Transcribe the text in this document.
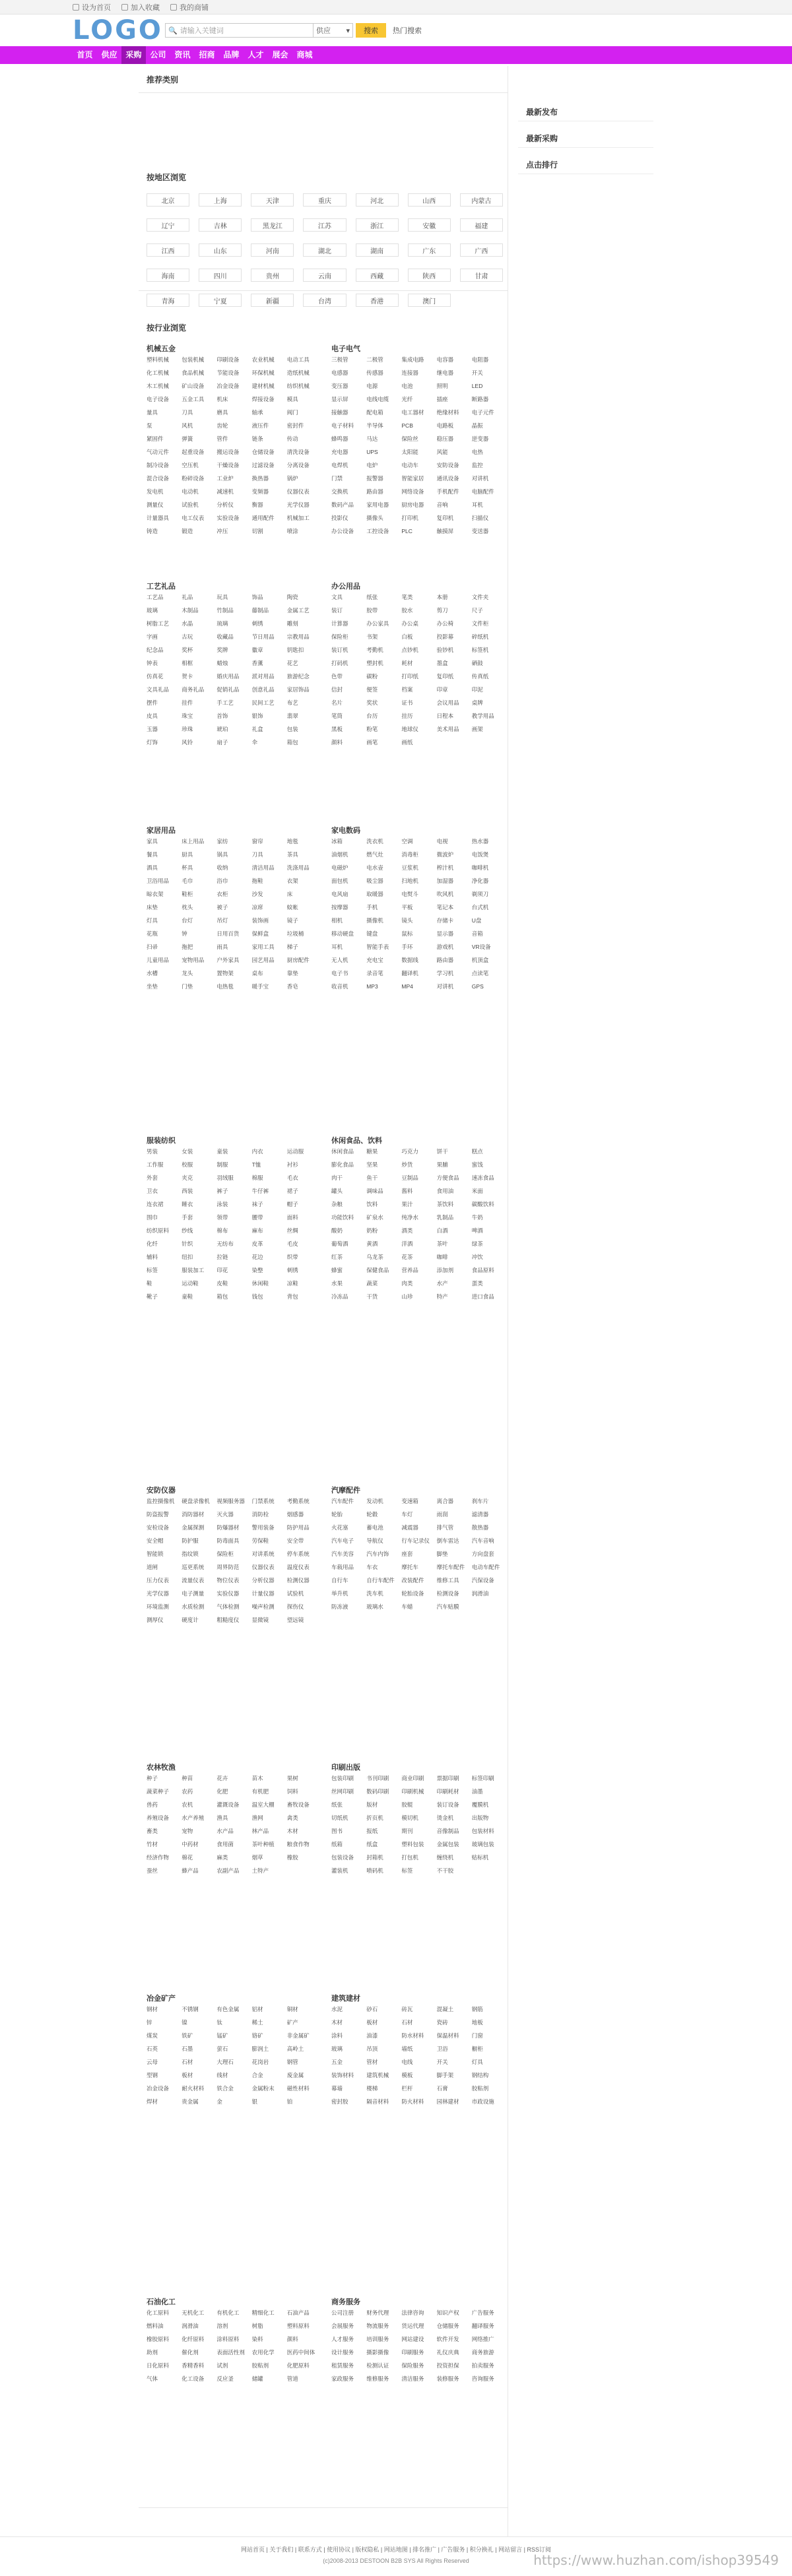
设为首页	加入收藏	我的商铺
LOGO 🔍 请输入关键词	供应 ▾	搜索	热门搜索
首页	供应	采购	公司	资讯	招商	品牌	人才	展会	商城
推荐类别
按地区浏览
北京	上海	天津	重庆	河北	山西	内蒙古
辽宁	吉林	黑龙江	江苏	浙江	安徽	福建
江西	山东	河南	湖北	湖南	广东	广西
海南	四川	贵州	云南	西藏	陕西	甘肃
青海	宁夏	新疆	台湾	香港	澳门
按行业浏览
机械五金
塑料机械	包装机械	印刷设备	农业机械	电动工具
化工机械	食品机械	节能设备	环保机械	造纸机械
木工机械	矿山设备	冶金设备	建材机械	纺织机械
电子设备	五金工具	机床	焊接设备	模具
量具	刀具	磨具	轴承	阀门
泵	风机	齿轮	液压件	密封件
紧固件	弹簧	管件	链条	传动
气动元件	起重设备	搬运设备	仓储设备	清洗设备
制冷设备	空压机	干燥设备	过滤设备	分离设备
混合设备	粉碎设备	工业炉	换热器	锅炉
发电机	电动机	减速机	变频器	仪器仪表
测量仪	试验机	分析仪	衡器	光学仪器
计量器具	电工仪表	实验设备	通用配件	机械加工
铸造	锻造	冲压	切割	喷涂
电子电气
三极管	二极管	集成电路	电容器	电阻器
电感器	传感器	连接器	继电器	开关
变压器	电源	电池	照明	LED
显示屏	电线电缆	光纤	插座	断路器
接触器	配电箱	电工器材	绝缘材料	电子元件
电子材料	半导体	PCB	电路板	晶振
蜂鸣器	马达	保险丝	稳压器	逆变器
充电器	UPS	太阳能	风能	电热
电焊机	电炉	电动车	安防设备	监控
门禁	报警器	智能家居	通讯设备	对讲机
交换机	路由器	网络设备	手机配件	电脑配件
数码产品	家用电器	厨房电器	音响	耳机
投影仪	摄像头	打印机	复印机	扫描仪
办公设备	工控设备	PLC	触摸屏	变送器
工艺礼品
工艺品	礼品	玩具	饰品	陶瓷
玻璃	木制品	竹制品	藤制品	金属工艺
树脂工艺	水晶	琉璃	刺绣	雕刻
字画	古玩	收藏品	节日用品	宗教用品
纪念品	奖杯	奖牌	徽章	钥匙扣
钟表	相框	蜡烛	香薰	花艺
仿真花	贺卡	婚庆用品	派对用品	旅游纪念
文具礼品	商务礼品	促销礼品	创意礼品	家居饰品
摆件	挂件	手工艺	民间工艺	布艺
皮具	珠宝	首饰	银饰	翡翠
玉器	珍珠	琥珀	礼盒	包装
灯饰	风铃	扇子	伞	箱包
办公用品
文具	纸张	笔类	本册	文件夹
装订	胶带	胶水	剪刀	尺子
计算器	办公家具	办公桌	办公椅	文件柜
保险柜	书架	白板	投影幕	碎纸机
装订机	考勤机	点钞机	验钞机	标签机
打码机	塑封机	耗材	墨盒	硒鼓
色带	碳粉	打印纸	复印纸	传真纸
信封	便签	档案	印章	印泥
名片	奖状	证书	会议用品	桌牌
笔筒	台历	挂历	日程本	教学用品
黑板	粉笔	地球仪	美术用品	画架
颜料	画笔	画纸
家居用品
家具	床上用品	家纺	窗帘	地毯
餐具	厨具	锅具	刀具	茶具
酒具	杯具	收纳	清洁用品	洗涤用品
卫浴用品	毛巾	浴巾	拖鞋	衣架
晾衣架	鞋柜	衣柜	沙发	床
床垫	枕头	被子	凉席	蚊帐
灯具	台灯	吊灯	装饰画	镜子
花瓶	钟	日用百货	保鲜盒	垃圾桶
扫帚	拖把	雨具	家用工具	梯子
儿童用品	宠物用品	户外家具	园艺用品	厨房配件
水槽	龙头	置物架	桌布	靠垫
坐垫	门垫	电热毯	暖手宝	香皂
家电数码
冰箱	洗衣机	空调	电视	热水器
油烟机	燃气灶	消毒柜	微波炉	电饭煲
电磁炉	电水壶	豆浆机	榨汁机	咖啡机
面包机	吸尘器	扫地机	加湿器	净化器
电风扇	取暖器	电熨斗	吹风机	剃须刀
按摩器	手机	平板	笔记本	台式机
相机	摄像机	镜头	存储卡	U盘
移动硬盘	键盘	鼠标	显示器	音箱
耳机	智能手表	手环	游戏机	VR设备
无人机	充电宝	数据线	路由器	机顶盒
电子书	录音笔	翻译机	学习机	点读笔
收音机	MP3	MP4	对讲机	GPS
服装纺织
男装	女装	童装	内衣	运动服
工作服	校服	制服	T恤	衬衫
外套	夹克	羽绒服	棉服	毛衣
卫衣	西装	裤子	牛仔裤	裙子
连衣裙	睡衣	泳装	袜子	帽子
围巾	手套	领带	腰带	面料
纺织原料	纱线	棉布	麻布	丝绸
化纤	针织	无纺布	皮革	毛皮
辅料	纽扣	拉链	花边	织带
标签	服装加工	印花	染整	刺绣
鞋	运动鞋	皮鞋	休闲鞋	凉鞋
靴子	童鞋	箱包	钱包	背包
休闲食品、饮料
休闲食品	糖果	巧克力	饼干	糕点
膨化食品	坚果	炒货	果脯	蜜饯
肉干	鱼干	豆制品	方便食品	速冻食品
罐头	调味品	酱料	食用油	米面
杂粮	饮料	果汁	茶饮料	碳酸饮料
功能饮料	矿泉水	纯净水	乳制品	牛奶
酸奶	奶粉	酒类	白酒	啤酒
葡萄酒	黄酒	洋酒	茶叶	绿茶
红茶	乌龙茶	花茶	咖啡	冲饮
蜂蜜	保健食品	营养品	添加剂	食品原料
水果	蔬菜	肉类	水产	蛋类
冷冻品	干货	山珍	特产	进口食品
安防仪器
监控摄像机	硬盘录像机	视频服务器	门禁系统	考勤系统
防盗报警	消防器材	灭火器	消防栓	烟感器
安检设备	金属探测	防爆器材	警用装备	防护用品
安全帽	防护服	防毒面具	劳保鞋	安全带
智能锁	指纹锁	保险柜	对讲系统	停车系统
道闸	巡更系统	周界防范	仪器仪表	温度仪表
压力仪表	流量仪表	物位仪表	分析仪器	检测仪器
光学仪器	电子测量	实验仪器	计量仪器	试验机
环境监测	水质检测	气体检测	噪声检测	探伤仪
测厚仪	硬度计	粗糙度仪	显微镜	望远镜
汽摩配件
汽车配件	发动机	变速箱	离合器	刹车片
轮胎	轮毂	车灯	雨刮	滤清器
火花塞	蓄电池	减震器	排气管	散热器
汽车电子	导航仪	行车记录仪	倒车雷达	汽车音响
汽车美容	汽车内饰	座套	脚垫	方向盘套
车载用品	车衣	摩托车	摩托车配件	电动车配件
自行车	自行车配件	改装配件	维修工具	汽保设备
举升机	洗车机	轮胎设备	检测设备	润滑油
防冻液	玻璃水	车蜡	汽车贴膜
农林牧渔
种子	种苗	花卉	苗木	果树
蔬菜种子	农药	化肥	有机肥	饲料
兽药	农机	灌溉设备	温室大棚	畜牧设备
养殖设备	水产养殖	渔具	渔网	禽类
畜类	宠物	水产品	林产品	木材
竹材	中药材	食用菌	茶叶种植	粮食作物
经济作物	棉花	麻类	烟草	橡胶
蚕丝	蜂产品	农副产品	土特产
印刷出版
包装印刷	书刊印刷	商业印刷	票据印刷	标签印刷
丝网印刷	数码印刷	印刷机械	印刷耗材	油墨
纸张	版材	胶辊	装订设备	覆膜机
切纸机	折页机	模切机	烫金机	出版物
图书	报纸	期刊	音像制品	包装材料
纸箱	纸盒	塑料包装	金属包装	玻璃包装
包装设备	封箱机	打包机	缠绕机	贴标机
灌装机	喷码机	标签	不干胶
冶金矿产
钢材	不锈钢	有色金属	铝材	铜材
锌	镍	钛	稀土	矿产
煤炭	铁矿	锰矿	铬矿	非金属矿
石英	石墨	萤石	膨润土	高岭土
云母	石材	大理石	花岗岩	钢管
型钢	板材	线材	合金	废金属
冶金设备	耐火材料	铁合金	金属粉末	磁性材料
焊材	贵金属	金	银	铂
建筑建材
水泥	砂石	砖瓦	混凝土	钢筋
木材	板材	石材	瓷砖	地板
涂料	油漆	防水材料	保温材料	门窗
玻璃	吊顶	墙纸	卫浴	橱柜
五金	管材	电线	开关	灯具
装饰材料	建筑机械	模板	脚手架	钢结构
幕墙	楼梯	栏杆	石膏	胶粘剂
密封胶	隔音材料	防火材料	园林建材	市政设施
石油化工
化工原料	无机化工	有机化工	精细化工	石油产品
燃料油	润滑油	溶剂	树脂	塑料原料
橡胶原料	化纤原料	涂料原料	染料	颜料
助剂	催化剂	表面活性剂	农用化学	医药中间体
日化原料	香精香料	试剂	胶粘剂	化肥原料
气体	化工设备	反应釜	储罐	管道
商务服务
公司注册	财务代理	法律咨询	知识产权	广告服务
会展服务	物流服务	货运代理	仓储服务	翻译服务
人才服务	培训服务	网站建设	软件开发	网络推广
设计服务	摄影摄像	印刷服务	礼仪庆典	商务旅游
租赁服务	检测认证	保险服务	投资担保	拍卖服务
家政服务	维修服务	清洁服务	装修服务	咨询服务
最新发布
最新采购
点击排行
网站首页 | 关于我们 | 联系方式 | 使用协议 | 版权隐私 | 网站地图 | 排名推广 | 广告服务 | 积分换礼 | 网站留言 | RSS订阅
(c)2008-2013 DESTOON B2B SYS All Rights Reserved	https://www.huzhan.com/ishop39549
